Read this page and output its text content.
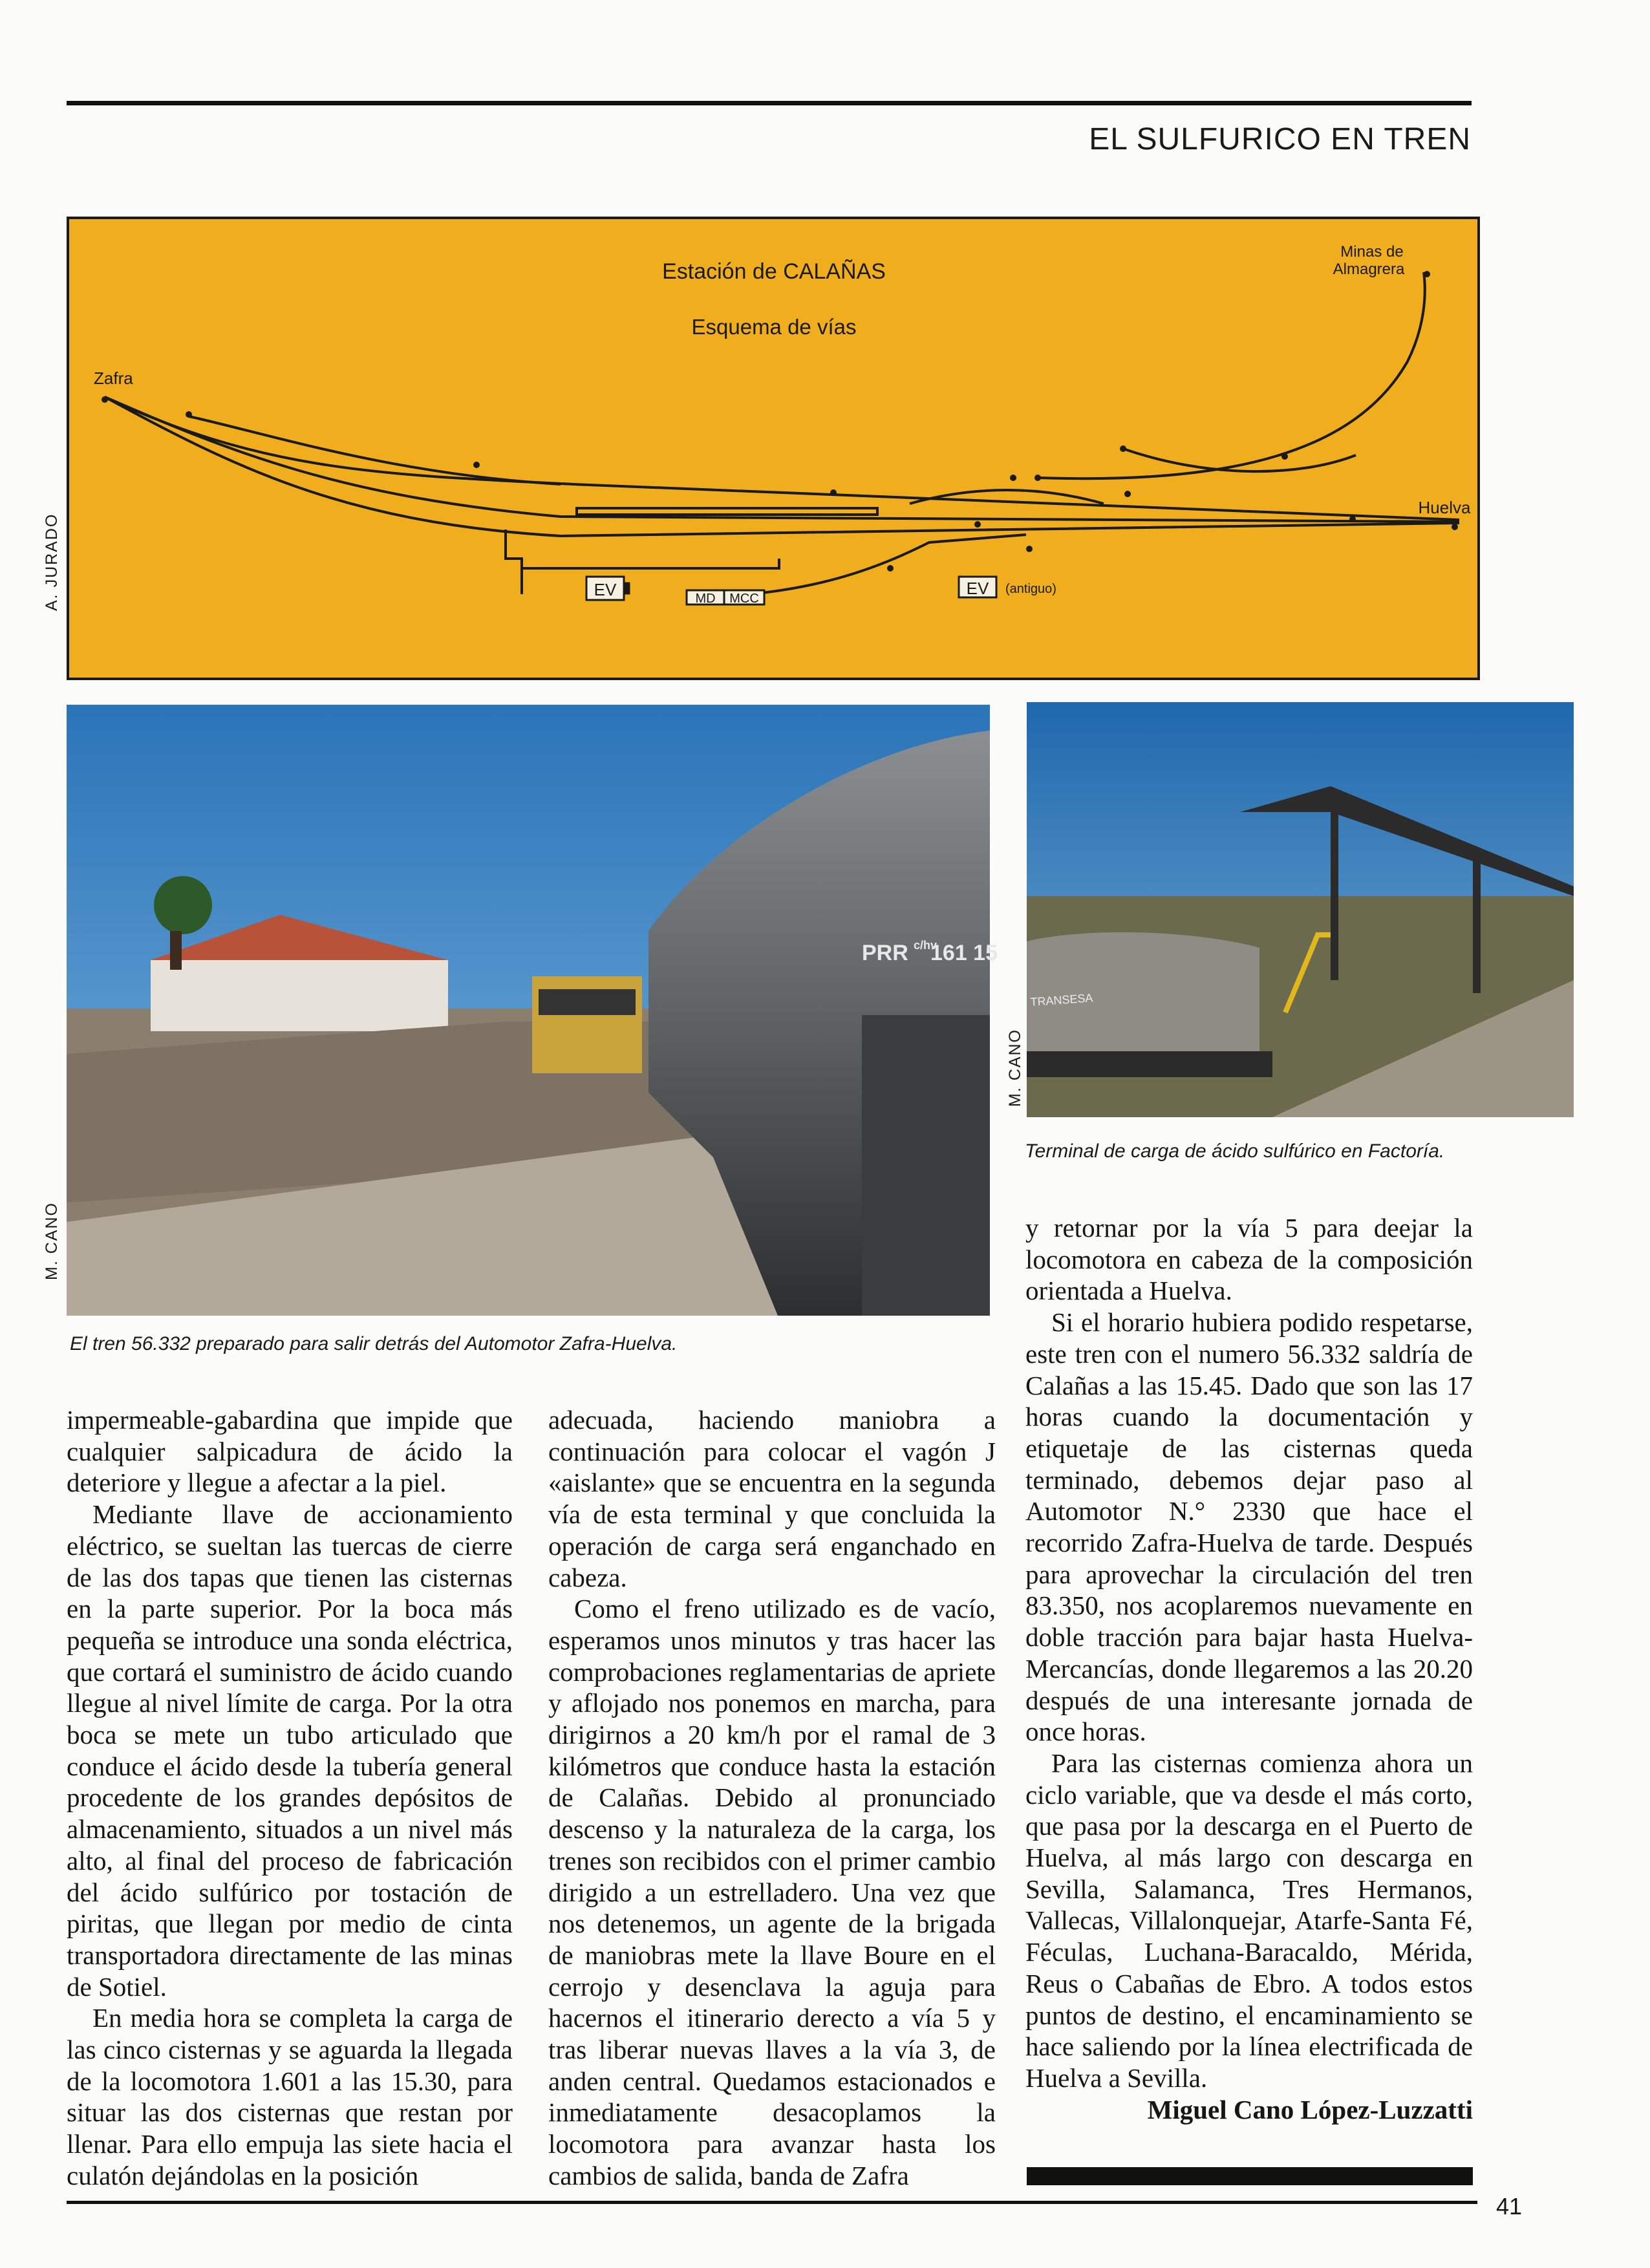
EL SULFURICO EN TREN
Estación de CALAÑAS
Esquema de vías
Zafra
Minas de
Almagrera
Huelva
EV	MD MCC
EV (antiguo)
A. JURADO
PRR c/hv
161 15
M. CANO
El tren 56.332 preparado para salir detrás del Automotor Zafra-Huelva.
TRANSESA
M. CANO
Terminal de carga de ácido sulfúrico en Factoría.

impermeable-gabardina que impide que cualquier salpicadura de ácido la deteriore y llegue a afectar a la piel.

Mediante llave de accionamiento eléctrico, se sueltan las tuercas de cierre de las dos tapas que tienen las cisternas en la parte superior. Por la boca más pequeña se introduce una sonda eléctrica, que cortará el suministro de ácido cuando llegue al nivel límite de carga. Por la otra boca se mete un tubo articulado que conduce el ácido desde la tubería general procedente de los grandes depósitos de almacenamiento, situados a un nivel más alto, al final del proceso de fabricación del ácido sulfúrico por tostación de piritas, que llegan por medio de cinta transportadora directamente de las minas de Sotiel.

En media hora se completa la carga de las cinco cisternas y se aguarda la llegada de la locomotora 1.601 a las 15.30, para situar las dos cisternas que restan por llenar. Para ello empuja las siete hacia el culatón dejándolas en la posición

adecuada, haciendo maniobra a continuación para colocar el vagón J «aislante» que se encuentra en la segunda vía de esta terminal y que concluida la operación de carga será enganchado en cabeza.

Como el freno utilizado es de vacío, esperamos unos minutos y tras hacer las comprobaciones reglamentarias de apriete y aflojado nos ponemos en marcha, para dirigirnos a 20 km/h por el ramal de 3 kilómetros que conduce hasta la estación de Calañas. Debido al pronunciado descenso y la naturaleza de la carga, los trenes son recibidos con el primer cambio dirigido a un estrelladero. Una vez que nos detenemos, un agente de la brigada de maniobras mete la llave Boure en el cerrojo y desenclava la aguja para hacernos el itinerario derecto a vía 5 y tras liberar nuevas llaves a la vía 3, de anden central. Quedamos estacionados e inmediatamente desacoplamos la locomotora para avanzar hasta los cambios de salida, banda de Zafra

y retornar por la vía 5 para deejar la locomotora en cabeza de la composición orientada a Huelva.

Si el horario hubiera podido respetarse, este tren con el numero 56.332 saldría de Calañas a las 15.45. Dado que son las 17 horas cuando la documentación y etiquetaje de las cisternas queda terminado, debemos dejar paso al Automotor N.° 2330 que hace el recorrido Zafra-Huelva de tarde. Después para aprovechar la circulación del tren 83.350, nos acoplaremos nuevamente en doble tracción para bajar hasta Huelva-Mercancías, donde llegaremos a las 20.20 después de una interesante jornada de once horas.

Para las cisternas comienza ahora un ciclo variable, que va desde el más corto, que pasa por la descarga en el Puerto de Huelva, al más largo con descarga en Sevilla, Salamanca, Tres Hermanos, Vallecas, Villalonquejar, Atarfe-Santa Fé, Féculas, Luchana-Baracaldo, Mérida, Reus o Cabañas de Ebro. A todos estos puntos de destino, el encaminamiento se hace saliendo por la línea electrificada de Huelva a Sevilla.

Miguel Cano López-Luzzatti

41
